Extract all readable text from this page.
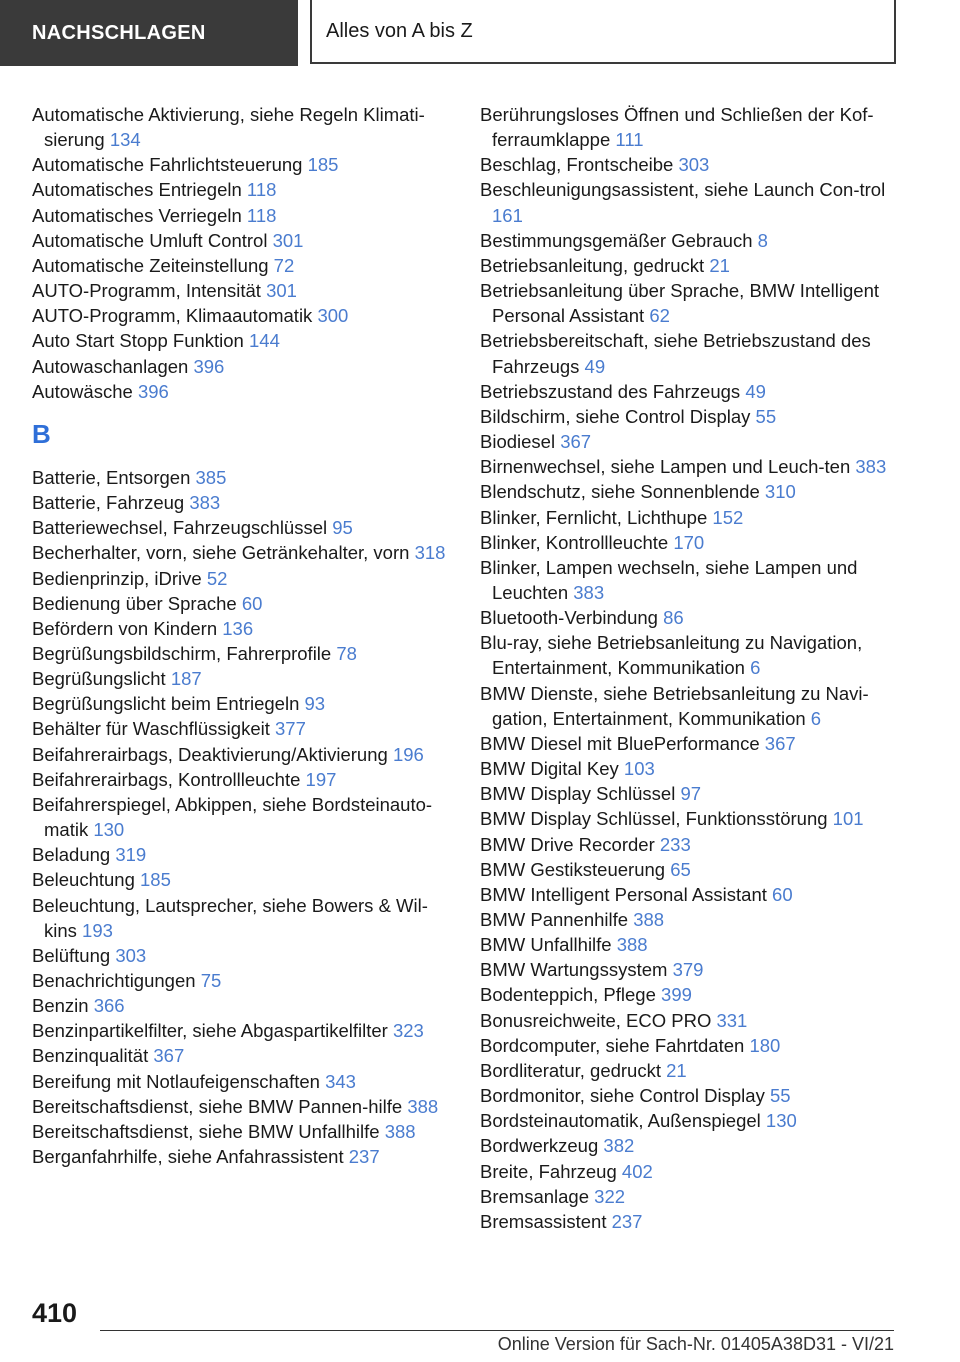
NACHSCHLAGEN	Alles von A bis Z
Automatische Aktivierung, siehe Regeln Klimati-sierung 134
Automatische Fahrlichtsteuerung 185
Automatisches Entriegeln 118
Automatisches Verriegeln 118
Automatische Umluft Control 301
Automatische Zeiteinstellung 72
AUTO-Programm, Intensität 301
AUTO-Programm, Klimaautomatik 300
Auto Start Stopp Funktion 144
Autowaschanlagen 396
Autowäsche 396
B
Batterie, Entsorgen 385
Batterie, Fahrzeug 383
Batteriewechsel, Fahrzeugschlüssel 95
Becherhalter, vorn, siehe Getränkehalter, vorn 318
Bedienprinzip, iDrive 52
Bedienung über Sprache 60
Befördern von Kindern 136
Begrüßungsbildschirm, Fahrerprofile 78
Begrüßungslicht 187
Begrüßungslicht beim Entriegeln 93
Behälter für Waschflüssigkeit 377
Beifahrerairbags, Deaktivierung/Aktivierung 196
Beifahrerairbags, Kontrollleuchte 197
Beifahrerspiegel, Abkippen, siehe Bordsteinauto-matik 130
Beladung 319
Beleuchtung 185
Beleuchtung, Lautsprecher, siehe Bowers & Wil-kins 193
Belüftung 303
Benachrichtigungen 75
Benzin 366
Benzinpartikelfilter, siehe Abgaspartikelfilter 323
Benzinqualität 367
Bereifung mit Notlaufeigenschaften 343
Bereitschaftsdienst, siehe BMW Pannen-hilfe 388
Bereitschaftsdienst, siehe BMW Unfallhilfe 388
Berganfahrhilfe, siehe Anfahrassistent 237
Berührungsloses Öffnen und Schließen der Kof-ferraumklappe 111
Beschlag, Frontscheibe 303
Beschleunigungsassistent, siehe Launch Con-trol 161
Bestimmungsgemäßer Gebrauch 8
Betriebsanleitung, gedruckt 21
Betriebsanleitung über Sprache, BMW Intelligent Personal Assistant 62
Betriebsbereitschaft, siehe Betriebszustand des Fahrzeugs 49
Betriebszustand des Fahrzeugs 49
Bildschirm, siehe Control Display 55
Biodiesel 367
Birnenwechsel, siehe Lampen und Leuch-ten 383
Blendschutz, siehe Sonnenblende 310
Blinker, Fernlicht, Lichthupe 152
Blinker, Kontrollleuchte 170
Blinker, Lampen wechseln, siehe Lampen und Leuchten 383
Bluetooth-Verbindung 86
Blu-ray, siehe Betriebsanleitung zu Navigation, Entertainment, Kommunikation 6
BMW Dienste, siehe Betriebsanleitung zu Navi-gation, Entertainment, Kommunikation 6
BMW Diesel mit BluePerformance 367
BMW Digital Key 103
BMW Display Schlüssel 97
BMW Display Schlüssel, Funktionsstörung 101
BMW Drive Recorder 233
BMW Gestiksteuerung 65
BMW Intelligent Personal Assistant 60
BMW Pannenhilfe 388
BMW Unfallhilfe 388
BMW Wartungssystem 379
Bodenteppich, Pflege 399
Bonusreichweite, ECO PRO 331
Bordcomputer, siehe Fahrtdaten 180
Bordliteratur, gedruckt 21
Bordmonitor, siehe Control Display 55
Bordsteinautomatik, Außenspiegel 130
Bordwerkzeug 382
Breite, Fahrzeug 402
Bremsanlage 322
Bremsassistent 237
410
Online Version für Sach-Nr. 01405A38D31 - VI/21
